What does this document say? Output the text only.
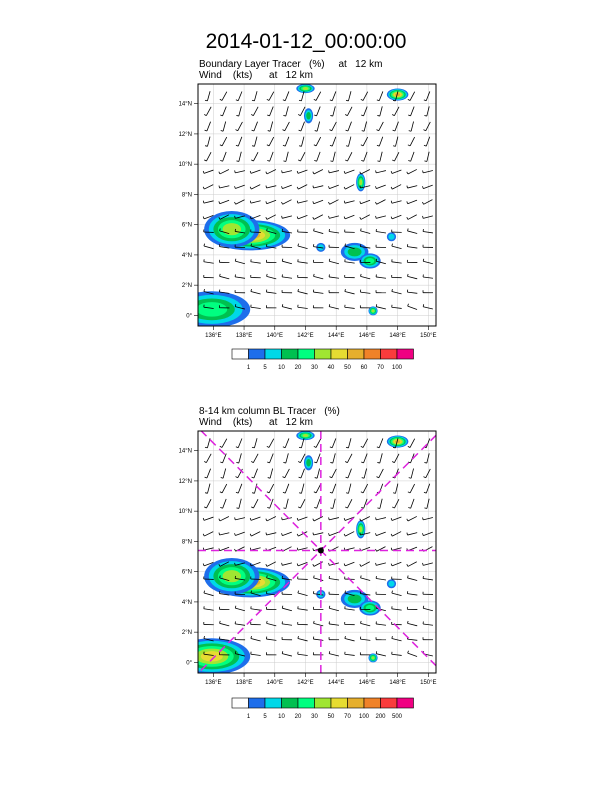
2014-01-12_00:00:00
Boundary Layer Tracer   (%)     at   12 km
Wind    (kts)      at   12 km
8-14 km column BL Tracer   (%)
Wind    (kts)      at   12 km
136°E 138°E 140°E 142°E 144°E 146°E 148°E 150°E
0°
2°N
4°N
6°N
8°N
10°N
12°N
14°N
1 5 10 20 30 40 50 60 70 100
136°E 138°E 140°E 142°E 144°E 146°E 148°E 150°E
0°
2°N
4°N
6°N
8°N
10°N
12°N
14°N
1 5 10 20 30 50 70 100 200 500
